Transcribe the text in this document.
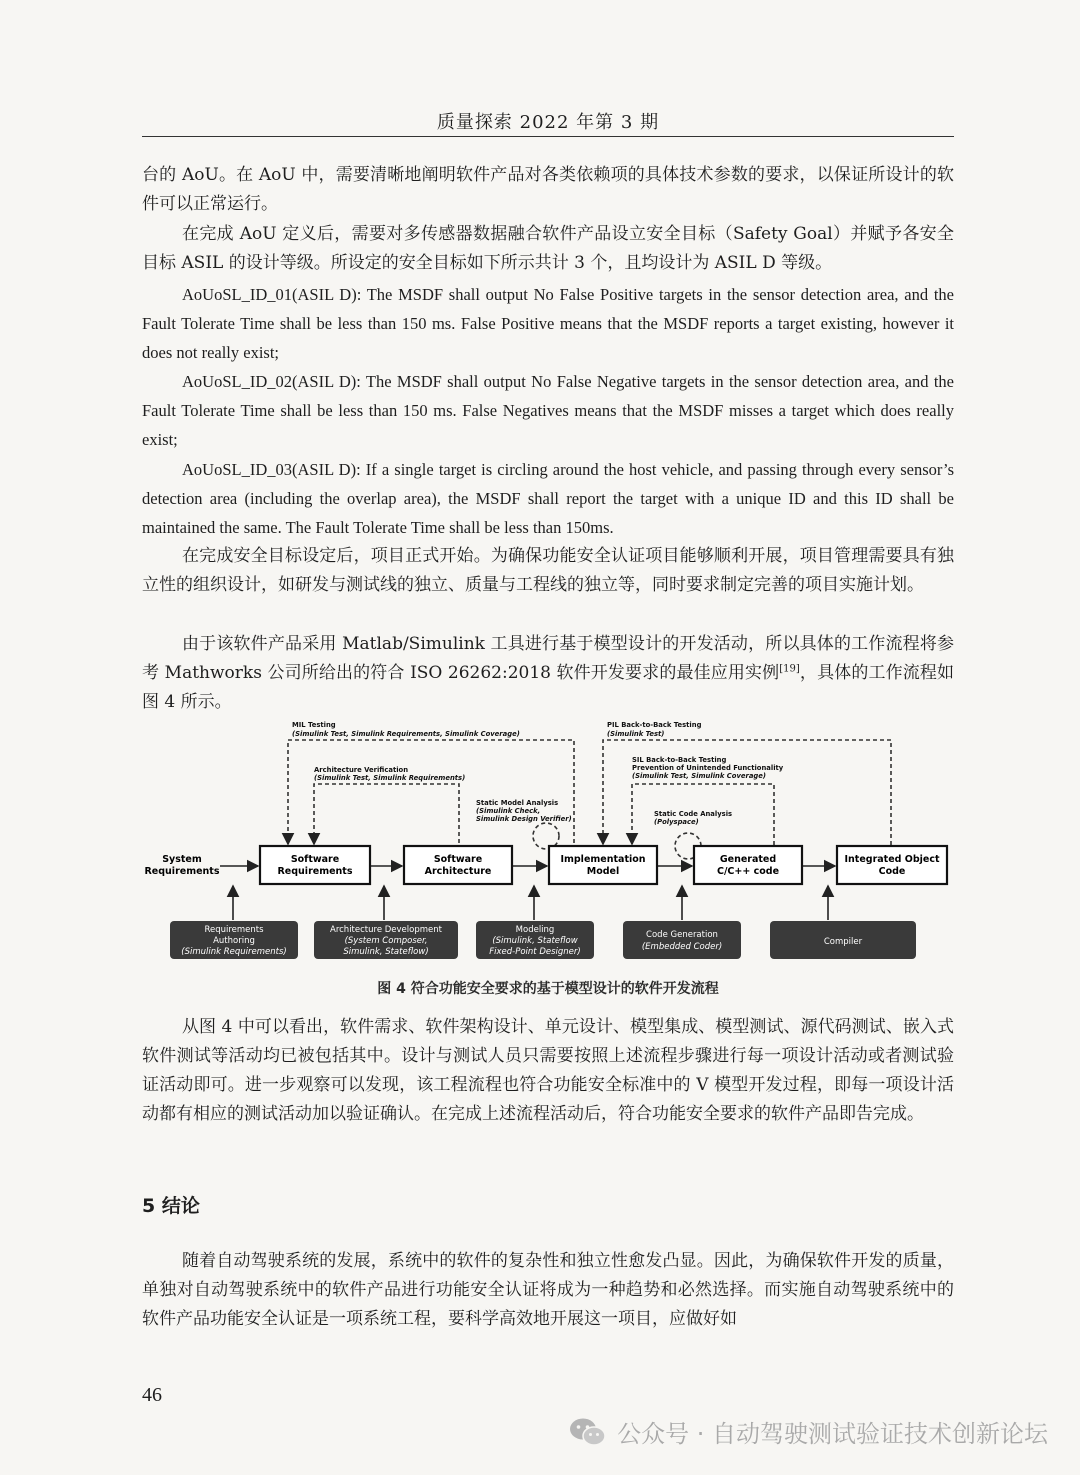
质量探索 2022 年第 3 期

台的 AoU。在 AoU 中，需要清晰地阐明软件产品对各类依赖项的具体技术参数的要求，以保证所设计的软件可以正常运行。

在完成 AoU 定义后，需要对多传感器数据融合软件产品设立安全目标（Safety Goal）并赋予各安全目标 ASIL 的设计等级。所设定的安全目标如下所示共计 3 个，且均设计为 ASIL D 等级。

AoUoSL_ID_01(ASIL D): The MSDF shall output No False Positive targets in the sensor detection area, and the Fault Tolerate Time shall be less than 150 ms. False Positive means that the MSDF reports a target existing, however it does not really exist;

AoUoSL_ID_02(ASIL D): The MSDF shall output No False Negative targets in the sensor detection area, and the Fault Tolerate Time shall be less than 150 ms. False Negatives means that the MSDF misses a target which does really exist;

AoUoSL_ID_03(ASIL D): If a single target is circling around the host vehicle, and passing through every sensor’s detection area (including the overlap area), the MSDF shall report the target with a unique ID and this ID shall be maintained the same. The Fault Tolerate Time shall be less than 150ms.

在完成安全目标设定后，项目正式开始。为确保功能安全认证项目能够顺利开展，项目管理需要具有独立性的组织设计，如研发与测试线的独立、质量与工程线的独立等，同时要求制定完善的项目实施计划。

由于该软件产品采用 Matlab/Simulink 工具进行基于模型设计的开发活动，所以具体的工作流程将参考 Mathworks 公司所给出的符合 ISO 26262:2018 软件开发要求的最佳应用实例[19]，具体的工作流程如图 4 所示。

System
Requirements
Software
Requirements
Software
Architecture
Implementation
Model
Generated
C/C++ code
Integrated Object
Code
Requirements
Authoring
(Simulink Requirements)
Architecture Development
(System Composer,
Simulink, Stateflow)
Modeling
(Simulink, Stateflow
Fixed-Point Designer)
Code Generation
(Embedded Coder)	Compiler
MIL Testing
(Simulink Test, Simulink Requirements, Simulink Coverage)
Architecture Verification
(Simulink Test, Simulink Requirements)
Static Model Analysis
(Simulink Check,
Simulink Design Verifier)
PIL Back-to-Back Testing
(Simulink Test)
SIL Back-to-Back Testing
Prevention of Unintended Functionality
(Simulink Test, Simulink Coverage)
Static Code Analysis
(Polyspace)
图 4 符合功能安全要求的基于模型设计的软件开发流程

从图 4 中可以看出，软件需求、软件架构设计、单元设计、模型集成、模型测试、源代码测试、嵌入式软件测试等活动均已被包括其中。设计与测试人员只需要按照上述流程步骤进行每一项设计活动或者测试验证活动即可。进一步观察可以发现，该工程流程也符合功能安全标准中的 V 模型开发过程，即每一项设计活动都有相应的测试活动加以验证确认。在完成上述流程活动后，符合功能安全要求的软件产品即告完成。

5 结论

随着自动驾驶系统的发展，系统中的软件的复杂性和独立性愈发凸显。因此，为确保软件开发的质量，单独对自动驾驶系统中的软件产品进行功能安全认证将成为一种趋势和必然选择。而实施自动驾驶系统中的软件产品功能安全认证是一项系统工程，要科学高效地开展这一项目，应做好如

46
公众号 · 自动驾驶测试验证技术创新论坛
